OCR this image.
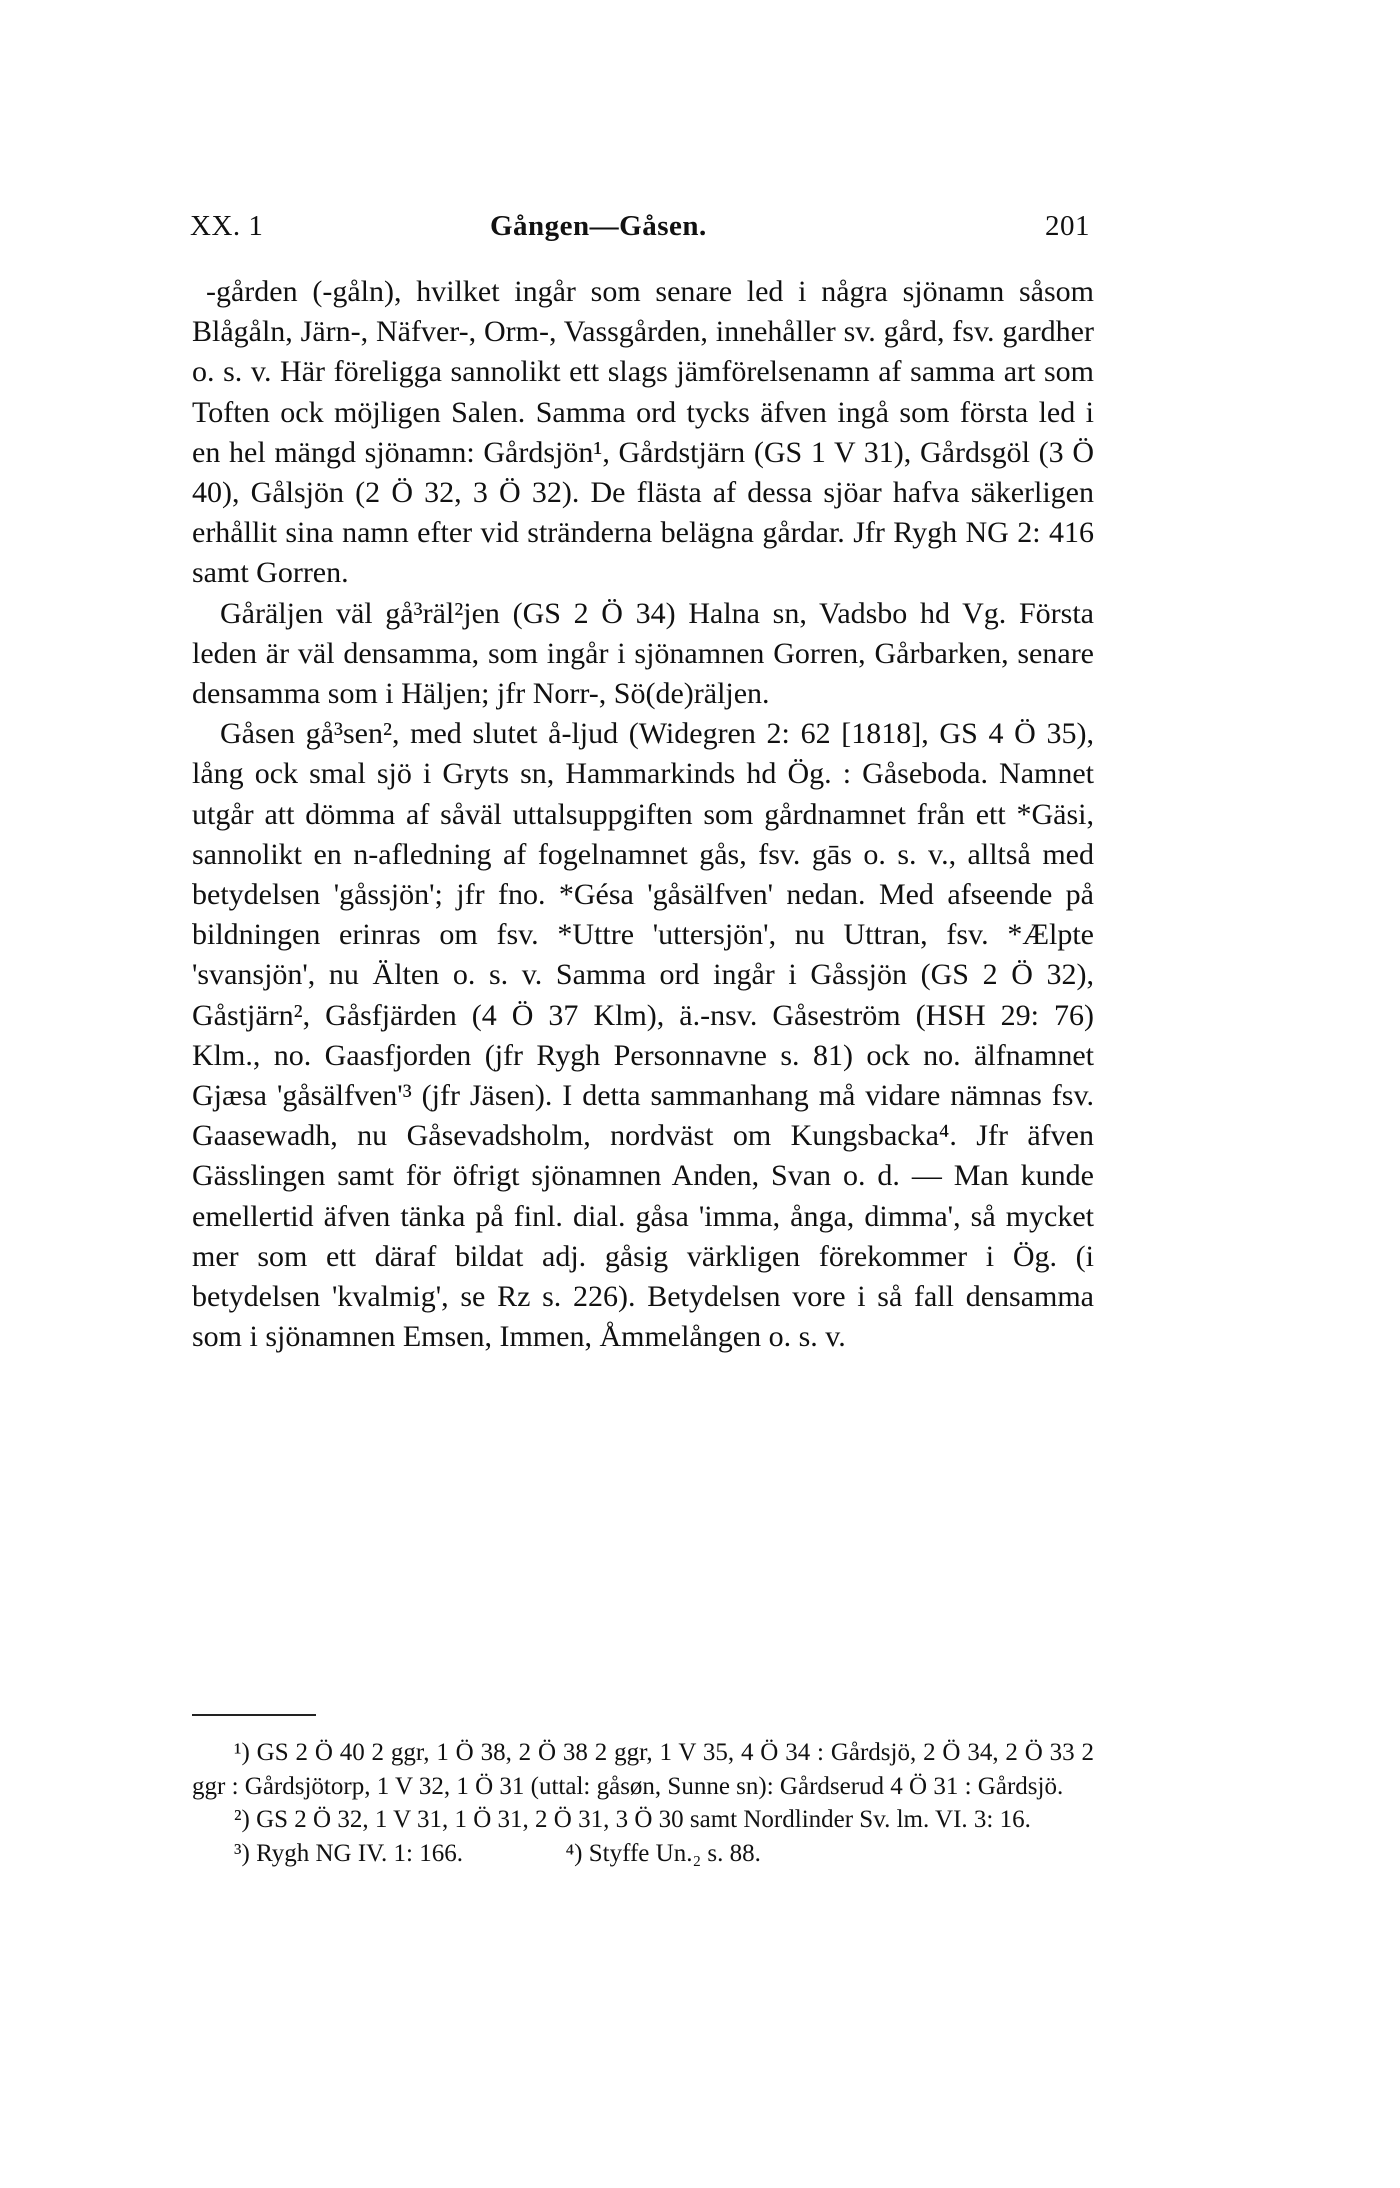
XX. 1	Gången—Gåsen.	201

-gården (-gåln), hvilket ingår som senare led i några sjönamn såsom Blågåln, Järn-, Näfver-, Orm-, Vassgården, innehåller sv. gård, fsv. gardher o. s. v. Här föreligga sannolikt ett slags jämförelsenamn af samma art som Toften ock möjligen Salen. Samma ord tycks äfven ingå som första led i en hel mängd sjönamn: Gårdsjön¹, Gårdstjärn (GS 1 V 31), Gårdsgöl (3 Ö 40), Gålsjön (2 Ö 32, 3 Ö 32). De flästa af dessa sjöar hafva säkerligen erhållit sina namn efter vid stränderna belägna gårdar. Jfr Rygh NG 2: 416 samt Gorren.

Gåräljen väl gå³räl²jen (GS 2 Ö 34) Halna sn, Vadsbo hd Vg. Första leden är väl densamma, som ingår i sjönamnen Gorren, Gårbarken, senare densamma som i Häljen; jfr Norr-, Sö(de)räljen.

Gåsen gå³sen², med slutet å-ljud (Widegren 2: 62 [1818], GS 4 Ö 35), lång ock smal sjö i Gryts sn, Hammarkinds hd Ög. : Gåseboda. Namnet utgår att dömma af såväl uttalsuppgiften som gårdnamnet från ett *Gäsi, sannolikt en n-afledning af fogelnamnet gås, fsv. gās o. s. v., alltså med betydelsen 'gåssjön'; jfr fno. *Gésa 'gåsälfven' nedan. Med afseende på bildningen erinras om fsv. *Uttre 'uttersjön', nu Uttran, fsv. *Ælpte 'svansjön', nu Älten o. s. v. Samma ord ingår i Gåssjön (GS 2 Ö 32), Gåstjärn², Gåsfjärden (4 Ö 37 Klm), ä.-nsv. Gåseström (HSH 29: 76) Klm., no. Gaasfjorden (jfr Rygh Personnavne s. 81) ock no. älfnamnet Gjæsa 'gåsälfven'³ (jfr Jäsen). I detta sammanhang må vidare nämnas fsv. Gaasewadh, nu Gåsevadsholm, nordväst om Kungsbacka⁴. Jfr äfven Gässlingen samt för öfrigt sjönamnen Anden, Svan o. d. — Man kunde emellertid äfven tänka på finl. dial. gåsa 'imma, ånga, dimma', så mycket mer som ett däraf bildat adj. gåsig värkligen förekommer i Ög. (i betydelsen 'kvalmig', se Rz s. 226). Betydelsen vore i så fall densamma som i sjönamnen Emsen, Immen, Åmmelången o. s. v.

¹) GS 2 Ö 40 2 ggr, 1 Ö 38, 2 Ö 38 2 ggr, 1 V 35, 4 Ö 34 : Gårdsjö, 2 Ö 34, 2 Ö 33 2 ggr : Gårdsjötorp, 1 V 32, 1 Ö 31 (uttal: gåsøn, Sunne sn): Gårdserud 4 Ö 31 : Gårdsjö.

²) GS 2 Ö 32, 1 V 31, 1 Ö 31, 2 Ö 31, 3 Ö 30 samt Nordlinder Sv. lm. VI. 3: 16.

³) Rygh NG IV. 1: 166.	⁴) Styffe Un.₂ s. 88.
